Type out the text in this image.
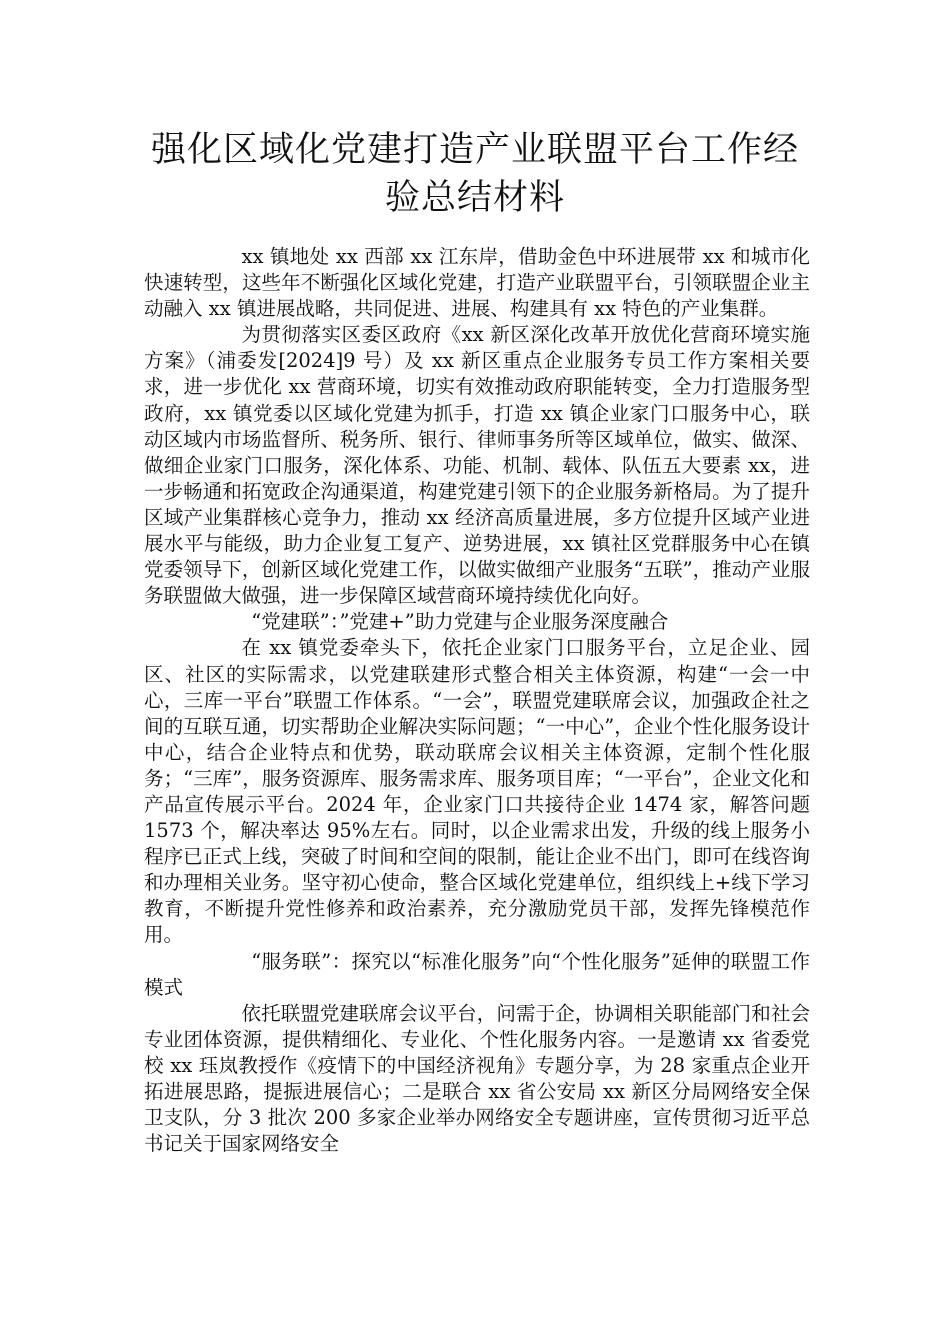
强化区域化党建打造产业联盟平台工作经
验总结材料

xx 镇地处 xx 西部 xx 江东岸，借助金色中环进展带 xx 和城市化快速转型，这些年不断强化区域化党建，打造产业联盟平台，引领联盟企业主动融入 xx 镇进展战略，共同促进、进展、构建具有 xx 特色的产业集群。

为贯彻落实区委区政府《xx 新区深化改革开放优化营商环境实施方案》（浦委发[2024]9 号）及 xx 新区重点企业服务专员工作方案相关要求，进一步优化 xx 营商环境，切实有效推动政府职能转变，全力打造服务型政府，xx 镇党委以区域化党建为抓手，打造 xx 镇企业家门口服务中心，联动区域内市场监督所、税务所、银行、律师事务所等区域单位，做实、做深、做细企业家门口服务，深化体系、功能、机制、载体、队伍五大要素 xx，进一步畅通和拓宽政企沟通渠道，构建党建引领下的企业服务新格局。为了提升区域产业集群核心竞争力，推动 xx 经济高质量进展，多方位提升区域产业进展水平与能级，助力企业复工复产、逆势进展，xx 镇社区党群服务中心在镇党委领导下，创新区域化党建工作，以做实做细产业服务“五联”，推动产业服务联盟做大做强，进一步保障区域营商环境持续优化向好。

“党建联”：”党建+”助力党建与企业服务深度融合

在 xx 镇党委牵头下，依托企业家门口服务平台，立足企业、园区、社区的实际需求，以党建联建形式整合相关主体资源，构建“一会一中心，三库一平台”联盟工作体系。“一会”，联盟党建联席会议，加强政企社之间的互联互通，切实帮助企业解决实际问题；“一中心”，企业个性化服务设计中心，结合企业特点和优势，联动联席会议相关主体资源，定制个性化服务；“三库”，服务资源库、服务需求库、服务项目库；“一平台”，企业文化和产品宣传展示平台。2024 年，企业家门口共接待企业 1474 家，解答问题 1573 个，解决率达 95%左右。同时，以企业需求出发，升级的线上服务小程序已正式上线，突破了时间和空间的限制，能让企业不出门，即可在线咨询和办理相关业务。坚守初心使命，整合区域化党建单位，组织线上+线下学习教育，不断提升党性修养和政治素养，充分激励党员干部，发挥先锋模范作用。

“服务联”：探究以“标准化服务”向“个性化服务”延伸的联盟工作模式

依托联盟党建联席会议平台，问需于企，协调相关职能部门和社会专业团体资源，提供精细化、专业化、个性化服务内容。一是邀请 xx 省委党校 xx 珏岚教授作《疫情下的中国经济视角》专题分享，为 28 家重点企业开拓进展思路，提振进展信心；二是联合 xx 省公安局 xx 新区分局网络安全保卫支队，分 3 批次 200 多家企业举办网络安全专题讲座，宣传贯彻习近平总书记关于国家网络安全
